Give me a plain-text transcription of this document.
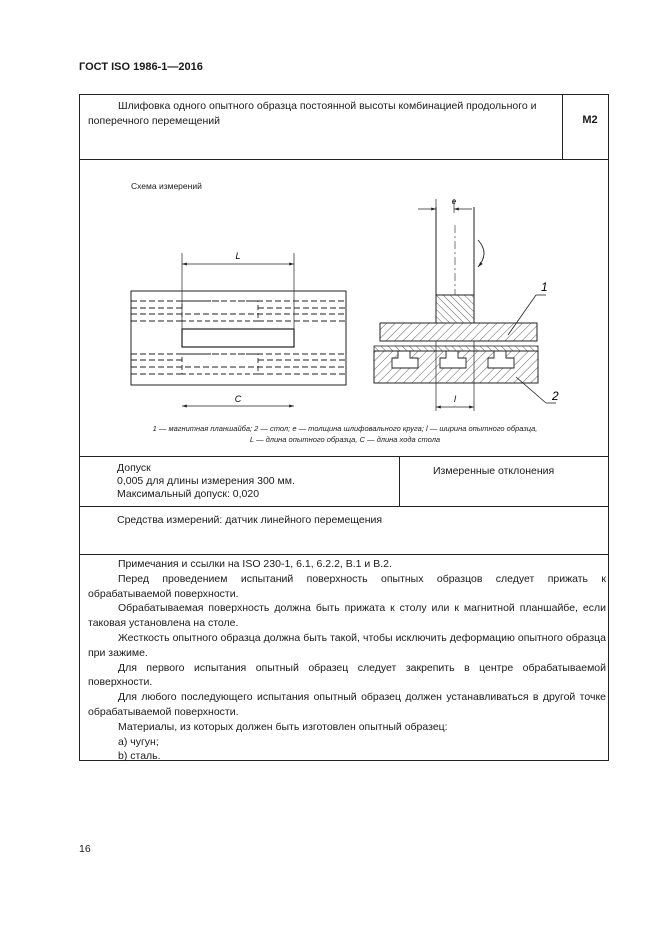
ГОСТ ISO 1986-1—2016
Шлифовка одного опытного образца постоянной высоты комбинацией продольного и поперечного перемещений	M2
Схема измерений
L
C
e
l
1
2
1 — магнитная планшайба; 2 — стол; e — толщина шлифовального круга; l — ширина опытного образца,
L — длина опытного образца, C — длина хода стола
Допуск
0,005 для длины измерения 300 мм.
Максимальный допуск: 0,020
Измеренные отклонения
Средства измерений: датчик линейного перемещения
Примечания и ссылки на ISO 230-1, 6.1, 6.2.2, B.1 и B.2.
Перед проведением испытаний поверхность опытных образцов следует прижать к обрабатываемой поверхности.
Обрабатываемая поверхность должна быть прижата к столу или к магнитной планшайбе, если таковая установлена на столе.
Жесткость опытного образца должна быть такой, чтобы исключить деформацию опытного образца при зажиме.
Для первого испытания опытный образец следует закрепить в центре обрабатываемой поверхности.
Для любого последующего испытания опытный образец должен устанавливаться в другой точке обрабатываемой поверхности.
Материалы, из которых должен быть изготовлен опытный образец:
a) чугун;
b) сталь.
16
